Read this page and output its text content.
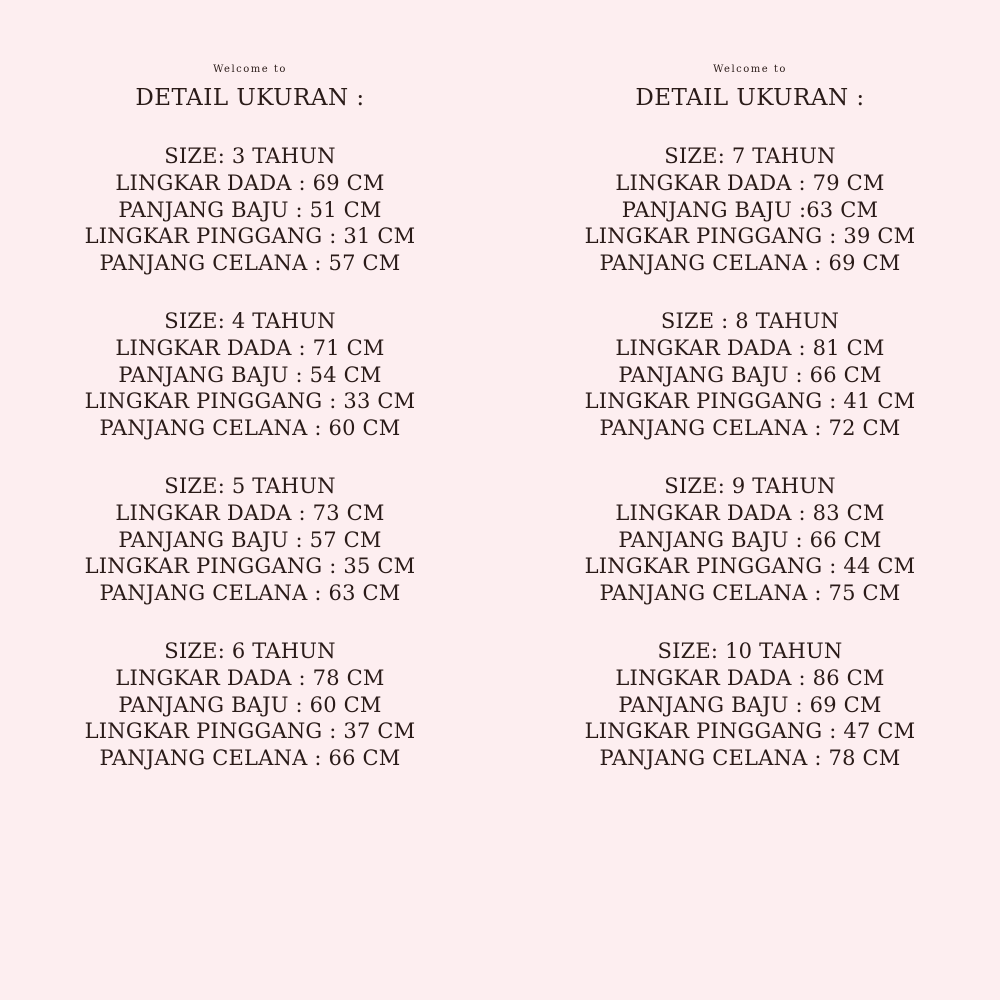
Welcome to
DETAIL UKURAN :
SIZE: 3 TAHUN
LINGKAR DADA : 69 CM
PANJANG BAJU : 51 CM
LINGKAR PINGGANG : 31 CM
PANJANG CELANA : 57 CM
SIZE: 4 TAHUN
LINGKAR DADA : 71 CM
PANJANG BAJU : 54 CM
LINGKAR PINGGANG : 33 CM
PANJANG CELANA : 60 CM
SIZE: 5 TAHUN
LINGKAR DADA : 73 CM
PANJANG BAJU : 57 CM
LINGKAR PINGGANG : 35 CM
PANJANG CELANA : 63 CM
SIZE: 6 TAHUN
LINGKAR DADA : 78 CM
PANJANG BAJU : 60 CM
LINGKAR PINGGANG : 37 CM
PANJANG CELANA : 66 CM
Welcome to
DETAIL UKURAN :
SIZE: 7 TAHUN
LINGKAR DADA : 79 CM
PANJANG BAJU :63 CM
LINGKAR PINGGANG : 39 CM
PANJANG CELANA : 69 CM
SIZE : 8 TAHUN
LINGKAR DADA : 81 CM
PANJANG BAJU : 66 CM
LINGKAR PINGGANG : 41 CM
PANJANG CELANA : 72 CM
SIZE: 9 TAHUN
LINGKAR DADA : 83 CM
PANJANG BAJU : 66 CM
LINGKAR PINGGANG : 44 CM
PANJANG CELANA : 75 CM
SIZE: 10 TAHUN
LINGKAR DADA : 86 CM
PANJANG BAJU : 69 CM
LINGKAR PINGGANG : 47 CM
PANJANG CELANA : 78 CM
